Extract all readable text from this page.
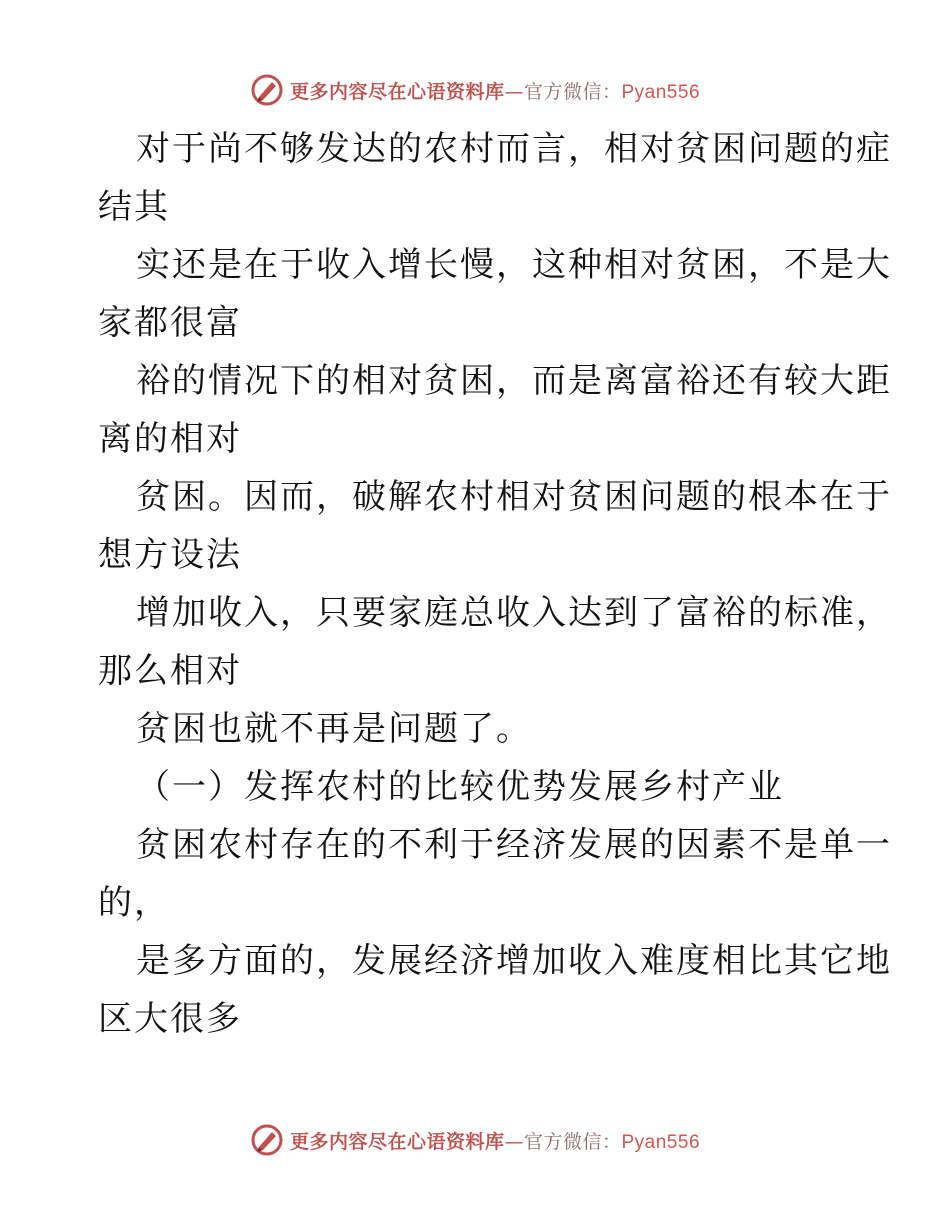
更多内容尽在心语资料库—官方微信：Pyan556
对于尚不够发达的农村而言，相对贫困问题的症
结其
实还是在于收入增长慢，这种相对贫困，不是大
家都很富
裕的情况下的相对贫困，而是离富裕还有较大距
离的相对
贫困。因而，破解农村相对贫困问题的根本在于
想方设法
增加收入，只要家庭总收入达到了富裕的标准，
那么相对
贫困也就不再是问题了。
（一）发挥农村的比较优势发展乡村产业
贫困农村存在的不利于经济发展的因素不是单一
的，
是多方面的，发展经济增加收入难度相比其它地
区大很多
更多内容尽在心语资料库—官方微信：Pyan556
